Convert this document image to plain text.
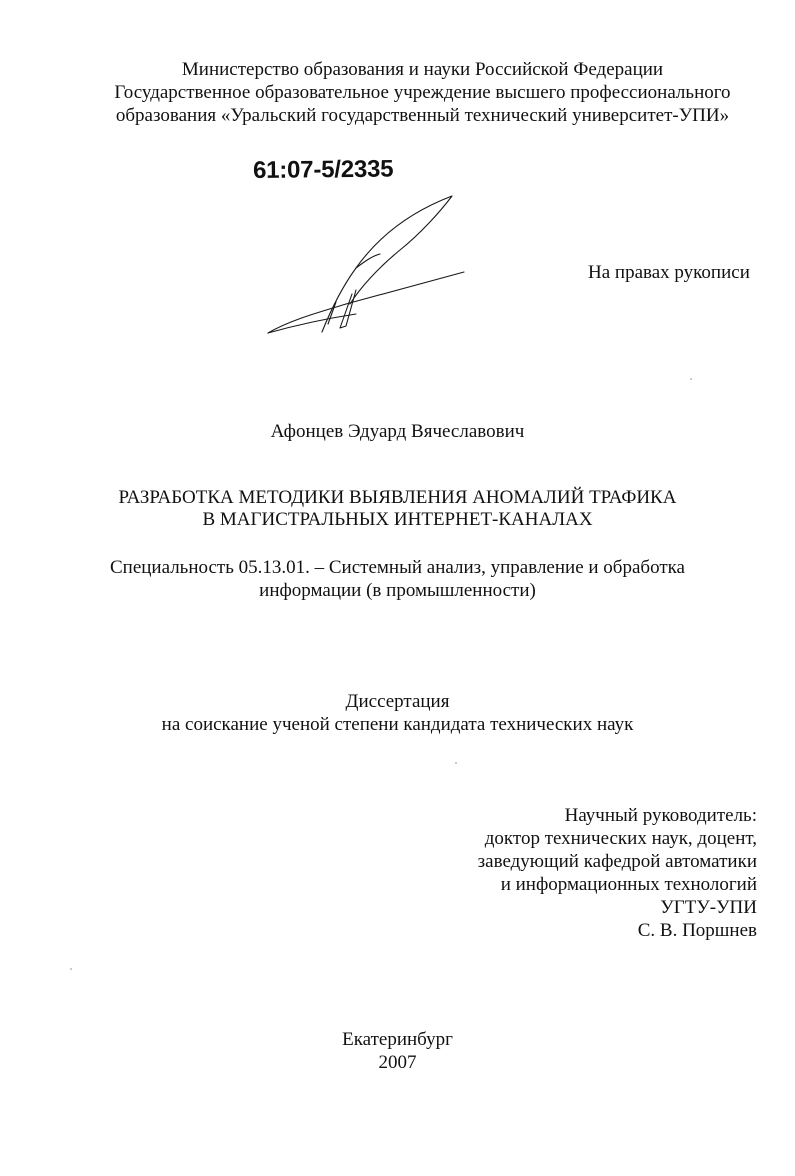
Министерство образования и науки Российской Федерации
Государственное образовательное учреждение высшего профессионального
образования «Уральский государственный технический университет-УПИ»
61:07-5/2335
На правах рукописи
Афонцев Эдуард Вячеславович
РАЗРАБОТКА МЕТОДИКИ ВЫЯВЛЕНИЯ АНОМАЛИЙ ТРАФИКА
В МАГИСТРАЛЬНЫХ ИНТЕРНЕТ-КАНАЛАХ
Специальность 05.13.01. – Системный анализ, управление и обработка
информации (в промышленности)
Диссертация
на соискание ученой степени кандидата технических наук
Научный руководитель:
доктор технических наук, доцент,
заведующий кафедрой автоматики
и информационных технологий
УГТУ-УПИ
С. В. Поршнев
Екатеринбург
2007
